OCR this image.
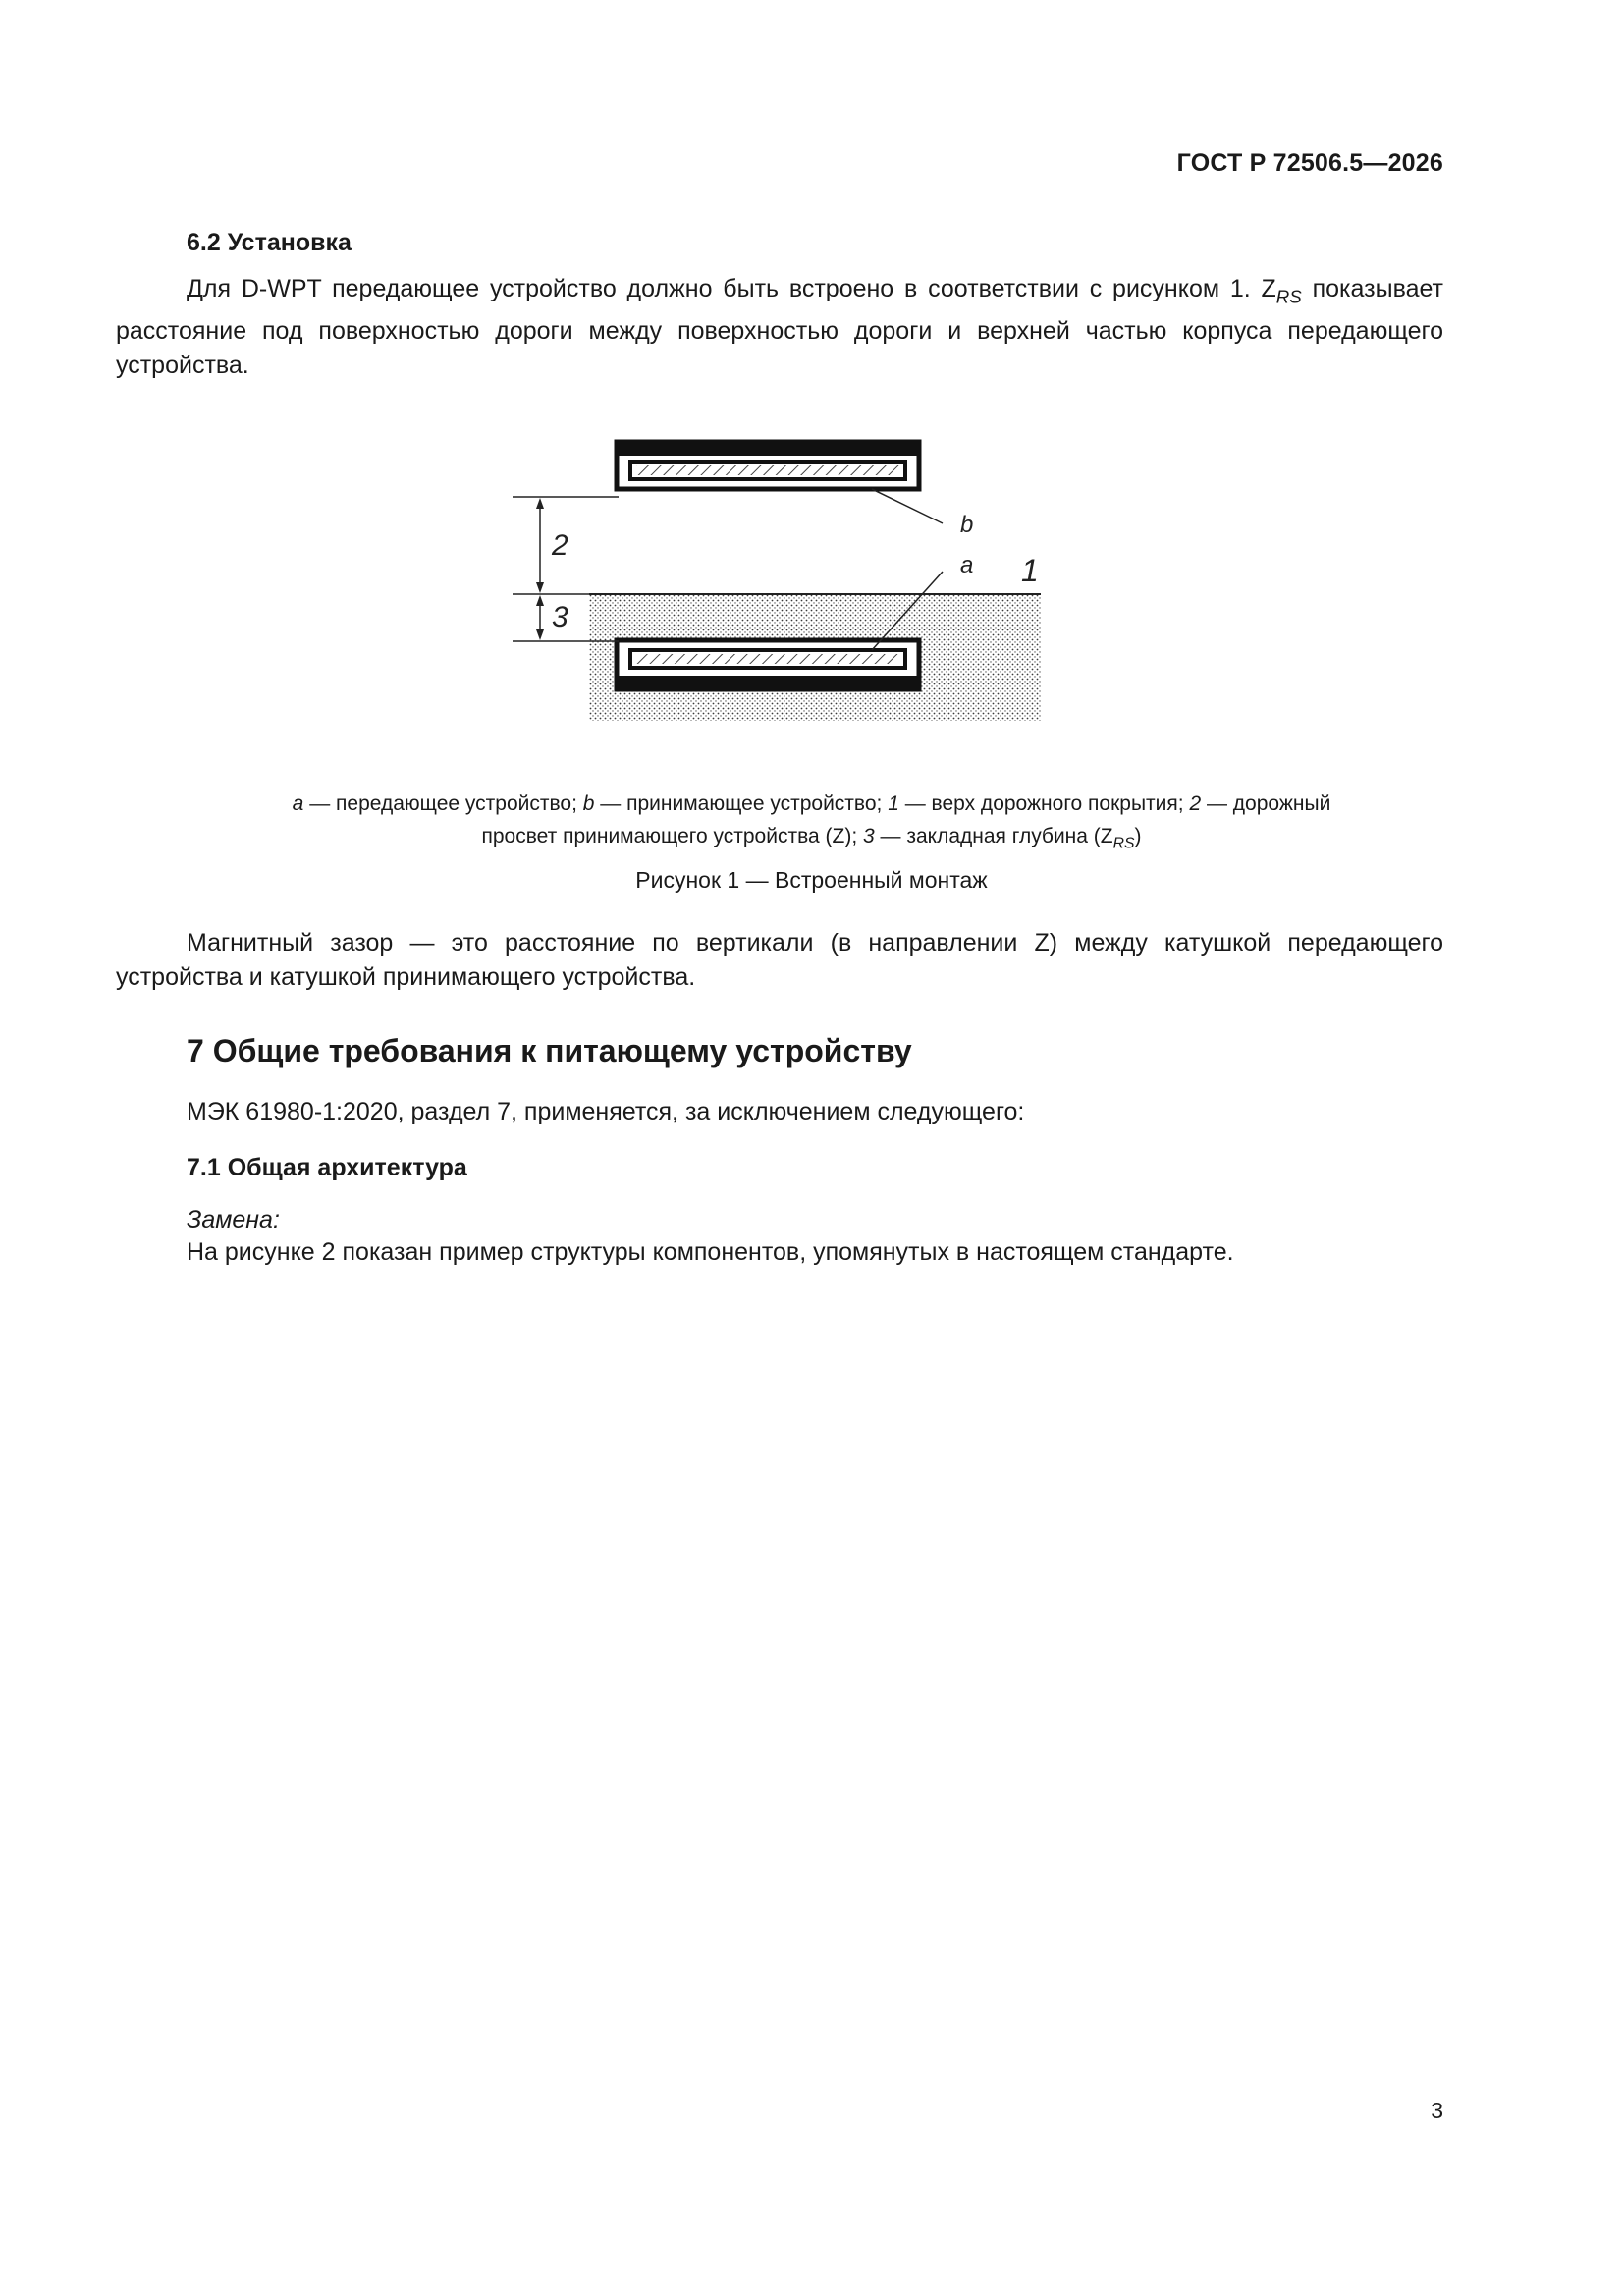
ГОСТ Р 72506.5—2026
6.2 Установка
Для D-WPT передающее устройство должно быть встроено в соответствии с рисунком 1. $Z_{RS}$ показывает расстояние под поверхностью дороги между поверхностью дороги и верхней частью корпуса передающего устройства.
2
3
b
a 1
a — передающее устройство; b — принимающее устройство; 1 — верх дорожного покрытия; 2 — дорожный
просвет принимающего устройства (Z); 3 — закладная глубина $(Z_{RS})$
Рисунок 1 — Встроенный монтаж
Магнитный зазор — это расстояние по вертикали (в направлении Z) между катушкой передающего устройства и катушкой принимающего устройства.
7 Общие требования к питающему устройству
МЭК 61980-1:2020, раздел 7, применяется, за исключением следующего:
7.1 Общая архитектура
Замена:
На рисунке 2 показан пример структуры компонентов, упомянутых в настоящем стандарте.
3
